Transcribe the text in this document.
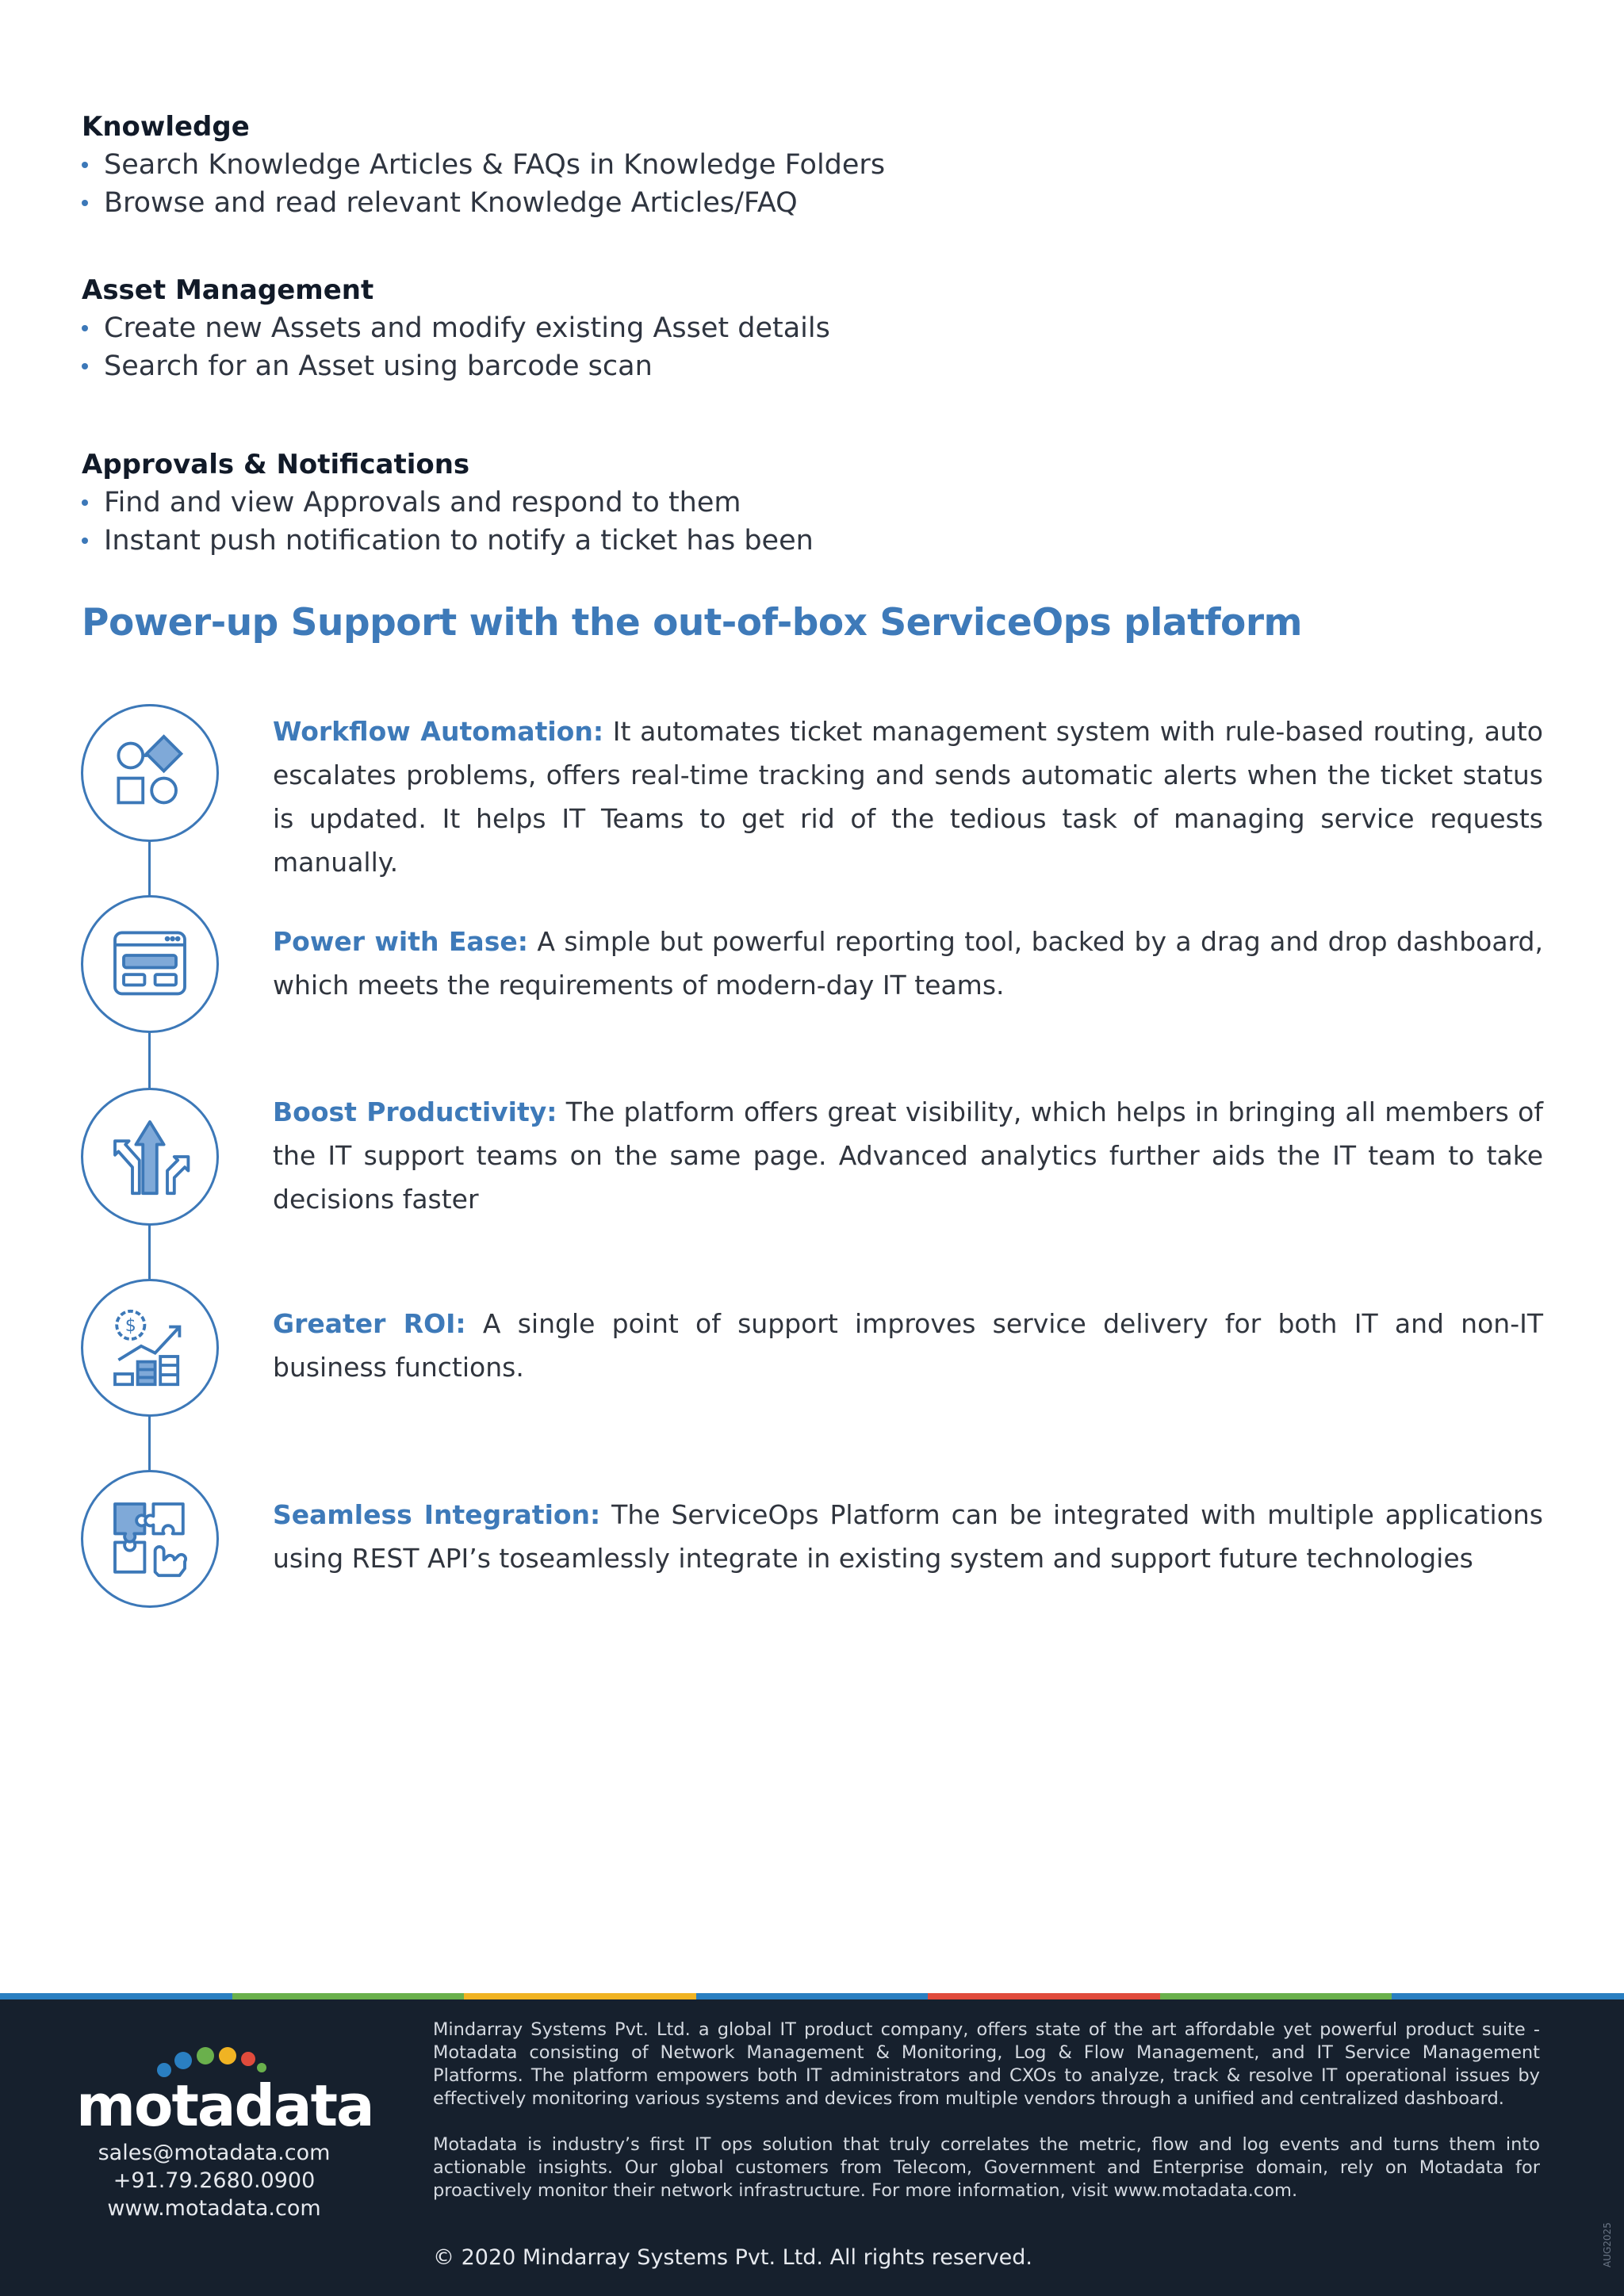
Knowledge
Search Knowledge Articles & FAQs in Knowledge Folders
Browse and read relevant Knowledge Articles/FAQ
Asset Management
Create new Assets and modify existing Asset details
Search for an Asset using barcode scan
Approvals & Notifications
Find and view Approvals and respond to them
Instant push notification to notify a ticket has been
Power-up Support with the out-of-box ServiceOps platform
Workflow Automation: It automates ticket management system with rule-based routing, auto escalates problems, offers real-time tracking and sends automatic alerts when the ticket status is updated. It helps IT Teams to get rid of the tedious task of managing service requests manually.
Power with Ease: A simple but powerful reporting tool, backed by a drag and drop dashboard, which meets the requirements of modern-day IT teams.
Boost Productivity: The platform offers great visibility, which helps in bringing all members of the IT support teams on the same page. Advanced analytics further aids the IT team to take decisions faster
$	Greater ROI: A single point of support improves service delivery for both IT and non-IT business functions.
Seamless Integration: The ServiceOps Platform can be integrated with multiple applications using REST API’s toseamlessly integrate in existing system and support future technologies
motadata
sales@motadata.com
+91.79.2680.0900
www.motadata.com

Mindarray Systems Pvt. Ltd. a global IT product company, offers state of the art affordable yet powerful product suite - Motadata consisting of Network Management & Monitoring, Log & Flow Management, and IT Service Management Platforms. The platform empowers both IT administrators and CXOs to analyze, track & resolve IT operational issues by effectively monitoring various systems and devices from multiple vendors through a unified and centralized dashboard.

Motadata is industry’s first IT ops solution that truly correlates the metric, flow and log events and turns them into actionable insights. Our global customers from Telecom, Government and Enterprise domain, rely on Motadata for proactively monitor their network infrastructure. For more information, visit www.motadata.com.

© 2020 Mindarray Systems Pvt. Ltd. All rights reserved.	AUG2025
